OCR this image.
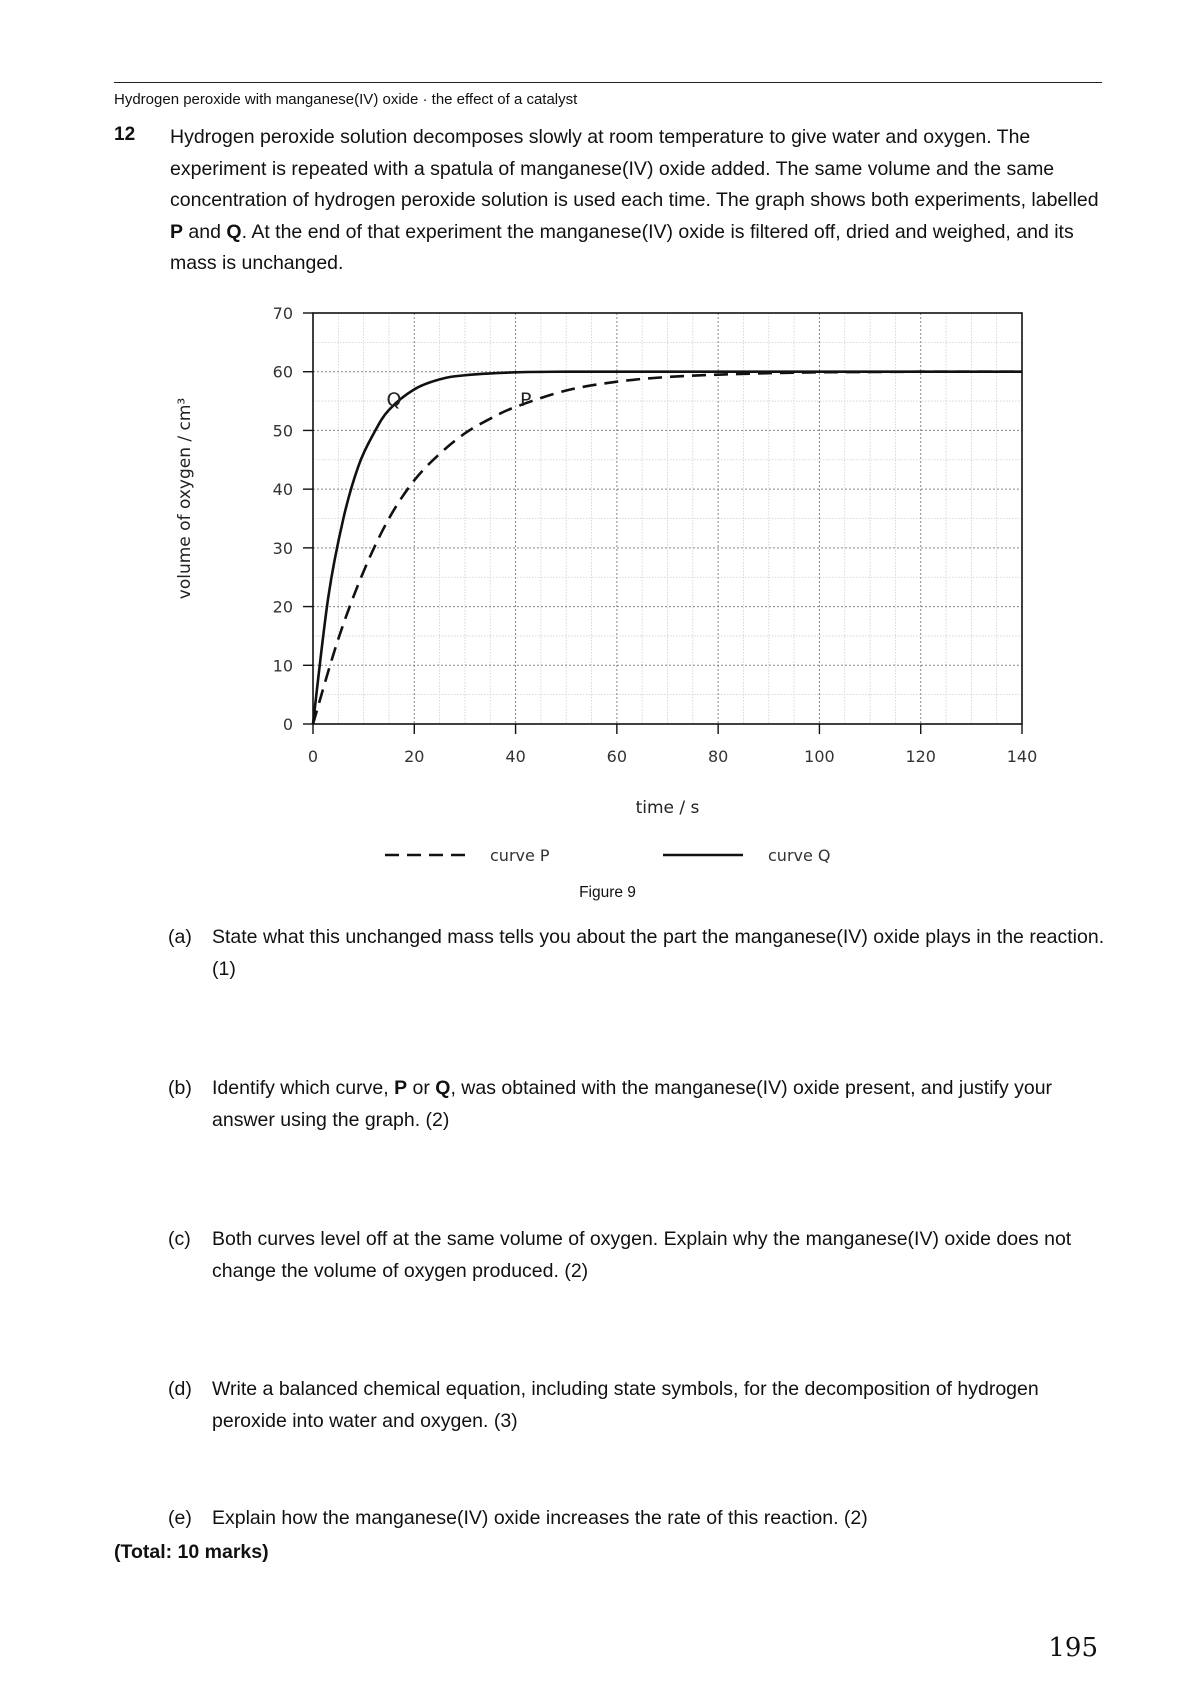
Hydrogen peroxide with manganese(IV) oxide · the effect of a catalyst
12 Hydrogen peroxide solution decomposes slowly at room temperature to give water and oxygen. The experiment is repeated with a spatula of manganese(IV) oxide added. The same volume and the same concentration of hydrogen peroxide solution is used each time. The graph shows both experiments, labelled P and Q. At the end of that experiment the manganese(IV) oxide is filtered off, dried and weighed, and its mass is unchanged.
0	20	40	60	80	100	120	140
0
10
20
30
40
50
60
70
P
Q
time / s
volume of oxygen / cm³
curve P	curve Q
Figure 9
(a) State what this unchanged mass tells you about the part the manganese(IV) oxide plays in the reaction. (1)
(b) Identify which curve, P or Q, was obtained with the manganese(IV) oxide present, and justify your answer using the graph. (2)
(c) Both curves level off at the same volume of oxygen. Explain why the manganese(IV) oxide does not change the volume of oxygen produced. (2)
(d) Write a balanced chemical equation, including state symbols, for the decomposition of hydrogen peroxide into water and oxygen. (3)
(e) Explain how the manganese(IV) oxide increases the rate of this reaction. (2)
(Total: 10 marks)
195
